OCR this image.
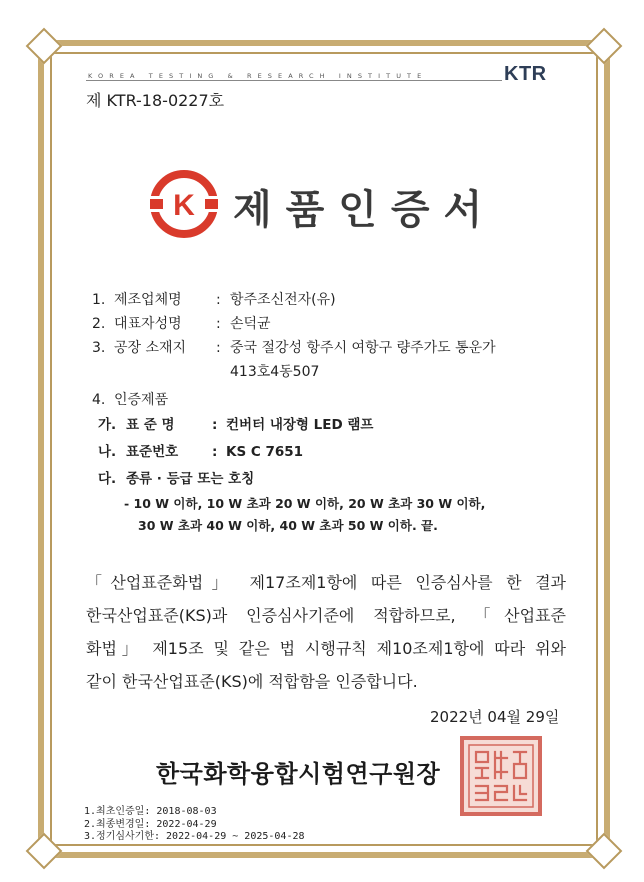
KOREA TESTING & RESEARCH INSTITUTE	KTR
제 KTR-18-0227호
K 제품인증서
1. 제조업체명	: 항주조신전자(유)
2. 대표자성명	: 손덕균
3. 공장 소재지	: 중국 절강성 항주시 여항구 량주가도 통운가
413호4동507
4. 인증제품
가. 표 준 명	: 컨버터 내장형 LED 램프
나. 표준번호	: KS C 7651
다. 종류 · 등급 또는 호칭
- 10 W 이하, 10 W 초과 20 W 이하, 20 W 초과 30 W 이하,
30 W 초과 40 W 이하, 40 W 초과 50 W 이하. 끝.

「산업표준화법」 제17조제1항에 따른 인증심사를 한 결과

한국산업표준(KS)과 인증심사기준에 적합하므로, 「산업표준

화법」 제15조 및 같은 법 시행규칙 제10조제1항에 따라 위와

같이 한국산업표준(KS)에 적합함을 인증합니다.

2022년 04월 29일
한국화학융합시험연구원장
1.최초인증일: 2018-08-03
2.최종변경일: 2022-04-29
3.정기심사기한: 2022-04-29 ~ 2025-04-28
